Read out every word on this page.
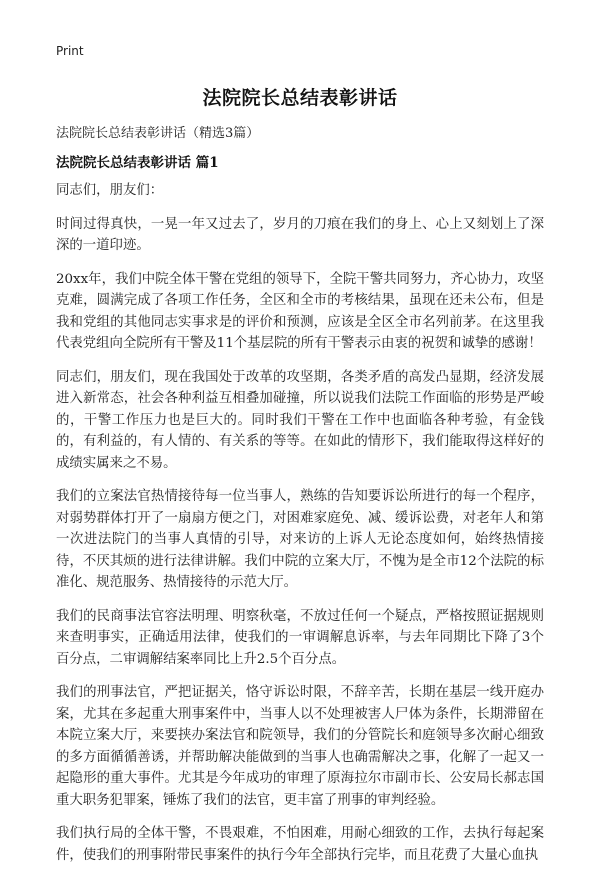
Print
法院院长总结表彰讲话
法院院长总结表彰讲话（精选3篇）
法院院长总结表彰讲话 篇1

同志们，朋友们：

时间过得真快，一晃一年又过去了，岁月的刀痕在我们的身上、心上又刻划上了深深的一道印迹。

20xx年，我们中院全体干警在党组的领导下，全院干警共同努力，齐心协力，攻坚克难，圆满完成了各项工作任务，全区和全市的考核结果，虽现在还未公布，但是我和党组的其他同志实事求是的评价和预测，应该是全区全市名列前茅。在这里我代表党组向全院所有干警及11个基层院的所有干警表示由衷的祝贺和诚挚的感谢！

同志们，朋友们，现在我国处于改革的攻坚期，各类矛盾的高发凸显期，经济发展进入新常态，社会各种利益互相叠加碰撞，所以说我们法院工作面临的形势是严峻的，干警工作压力也是巨大的。同时我们干警在工作中也面临各种考验，有金钱的，有利益的，有人情的、有关系的等等。在如此的情形下，我们能取得这样好的成绩实属来之不易。

我们的立案法官热情接待每一位当事人，熟练的告知要诉讼所进行的每一个程序，对弱势群体打开了一扇扇方便之门，对困难家庭免、减、缓诉讼费，对老年人和第一次进法院门的当事人真情的引导，对来访的上诉人无论态度如何，始终热情接待，不厌其烦的进行法律讲解。我们中院的立案大厅，不愧为是全市12个法院的标准化、规范服务、热情接待的示范大厅。

我们的民商事法官容法明理、明察秋毫，不放过任何一个疑点，严格按照证据规则来查明事实，正确适用法律，使我们的一审调解息诉率，与去年同期比下降了3个百分点，二审调解结案率同比上升2.5个百分点。

我们的刑事法官，严把证据关，恪守诉讼时限，不辞辛苦，长期在基层一线开庭办案，尤其在多起重大刑事案件中，当事人以不处理被害人尸体为条件，长期滞留在本院立案大厅，来要挟办案法官和院领导，我们的分管院长和庭领导多次耐心细致的多方面循循善诱，并帮助解决能做到的当事人也确需解决之事，化解了一起又一起隐形的重大事件。尤其是今年成功的审理了原海拉尔市副市长、公安局长郝志国重大职务犯罪案，锤炼了我们的法官，更丰富了刑事的审判经验。

我们执行局的全体干警，不畏艰难，不怕困难，用耐心细致的工作，去执行每起案件，使我们的刑事附带民事案件的执行今年全部执行完毕，而且花费了大量心血执
